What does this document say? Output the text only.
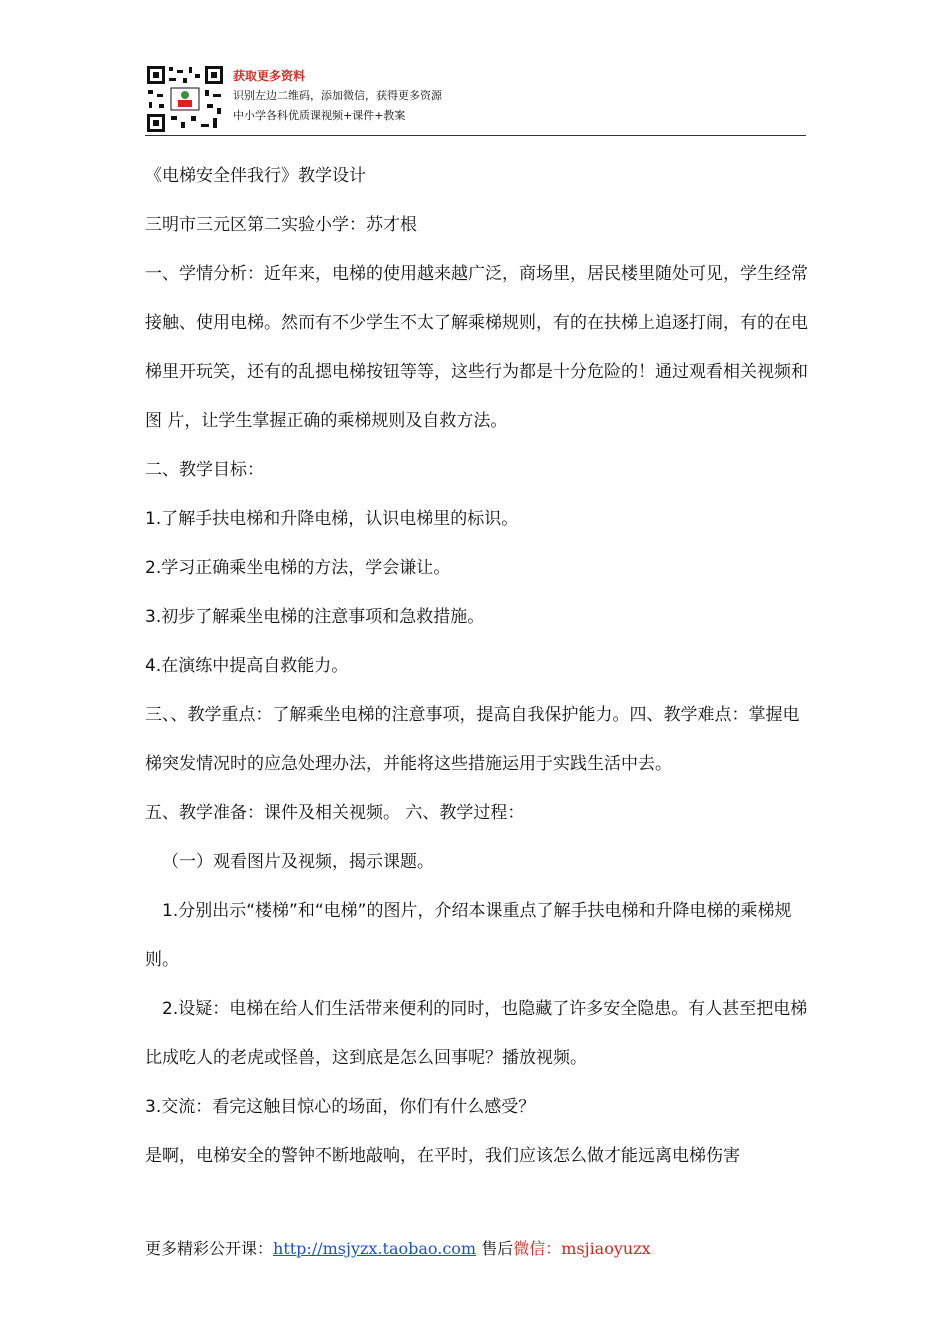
获取更多资料
识别左边二维码，添加微信，获得更多资源
中小学各科优质课视频+课件+教案

《电梯安全伴我行》教学设计

三明市三元区第二实验小学：苏才根

一、学情分析：近年来，电梯的使用越来越广泛，商场里，居民楼里随处可见，学生经常接触、使用电梯。然而有不少学生不太了解乘梯规则，有的在扶梯上追逐打闹，有的在电梯里开玩笑，还有的乱摁电梯按钮等等，这些行为都是十分危险的！通过观看相关视频和图 片，让学生掌握正确的乘梯规则及自救方法。

二、教学目标：

1.了解手扶电梯和升降电梯，认识电梯里的标识。

2.学习正确乘坐电梯的方法，学会谦让。

3.初步了解乘坐电梯的注意事项和急救措施。

4.在演练中提高自救能力。

三、、教学重点：了解乘坐电梯的注意事项，提高自我保护能力。四、教学难点：掌握电梯突发情况时的应急处理办法，并能将这些措施运用于实践生活中去。

五、教学准备：课件及相关视频。 六、教学过程：

（一）观看图片及视频，揭示课题。

1.分别出示“楼梯”和“电梯”的图片，介绍本课重点了解手扶电梯和升降电梯的乘梯规则。

2.设疑：电梯在给人们生活带来便利的同时，也隐藏了许多安全隐患。有人甚至把电梯比成吃人的老虎或怪兽，这到底是怎么回事呢？播放视频。

3.交流：看完这触目惊心的场面，你们有什么感受？

是啊，电梯安全的警钟不断地敲响，在平时，我们应该怎么做才能远离电梯伤害

更多精彩公开课：http://msjyzx.taobao.com 售后微信：msjiaoyuzx
